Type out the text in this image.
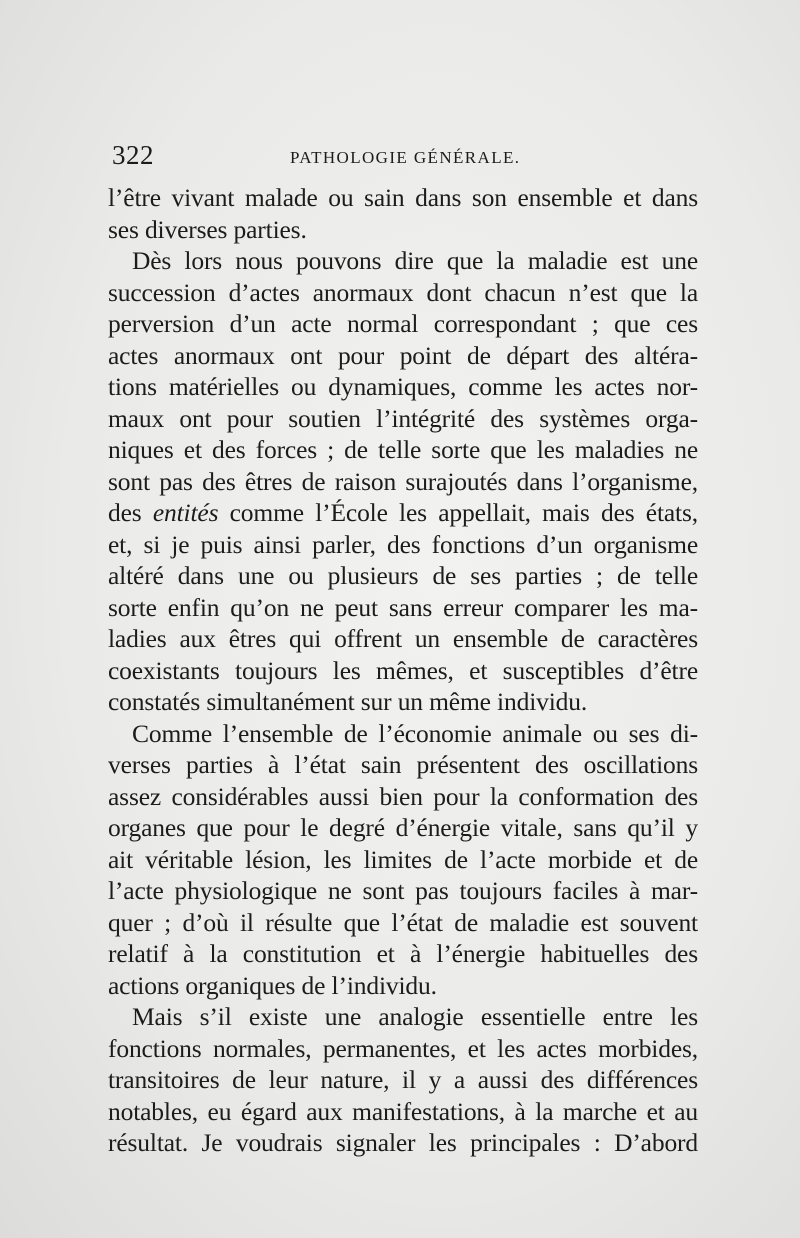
322	PATHOLOGIE GÉNÉRALE.
l’être vivant malade ou sain dans son ensemble et dans
ses diverses parties.
Dès lors nous pouvons dire que la maladie est une
succession d’actes anormaux dont chacun n’est que la
perversion d’un acte normal correspondant ; que ces
actes anormaux ont pour point de départ des altéra-
tions matérielles ou dynamiques, comme les actes nor-
maux ont pour soutien l’intégrité des systèmes orga-
niques et des forces ; de telle sorte que les maladies ne
sont pas des êtres de raison surajoutés dans l’organisme,
des entités comme l’École les appellait, mais des états,
et, si je puis ainsi parler, des fonctions d’un organisme
altéré dans une ou plusieurs de ses parties ; de telle
sorte enfin qu’on ne peut sans erreur comparer les ma-
ladies aux êtres qui offrent un ensemble de caractères
coexistants toujours les mêmes, et susceptibles d’être
constatés simultanément sur un même individu.
Comme l’ensemble de l’économie animale ou ses di-
verses parties à l’état sain présentent des oscillations
assez considérables aussi bien pour la conformation des
organes que pour le degré d’énergie vitale, sans qu’il y
ait véritable lésion, les limites de l’acte morbide et de
l’acte physiologique ne sont pas toujours faciles à mar-
quer ; d’où il résulte que l’état de maladie est souvent
relatif à la constitution et à l’énergie habituelles des
actions organiques de l’individu.
Mais s’il existe une analogie essentielle entre les
fonctions normales, permanentes, et les actes morbides,
transitoires de leur nature, il y a aussi des différences
notables, eu égard aux manifestations, à la marche et au
résultat. Je voudrais signaler les principales : D’abord
